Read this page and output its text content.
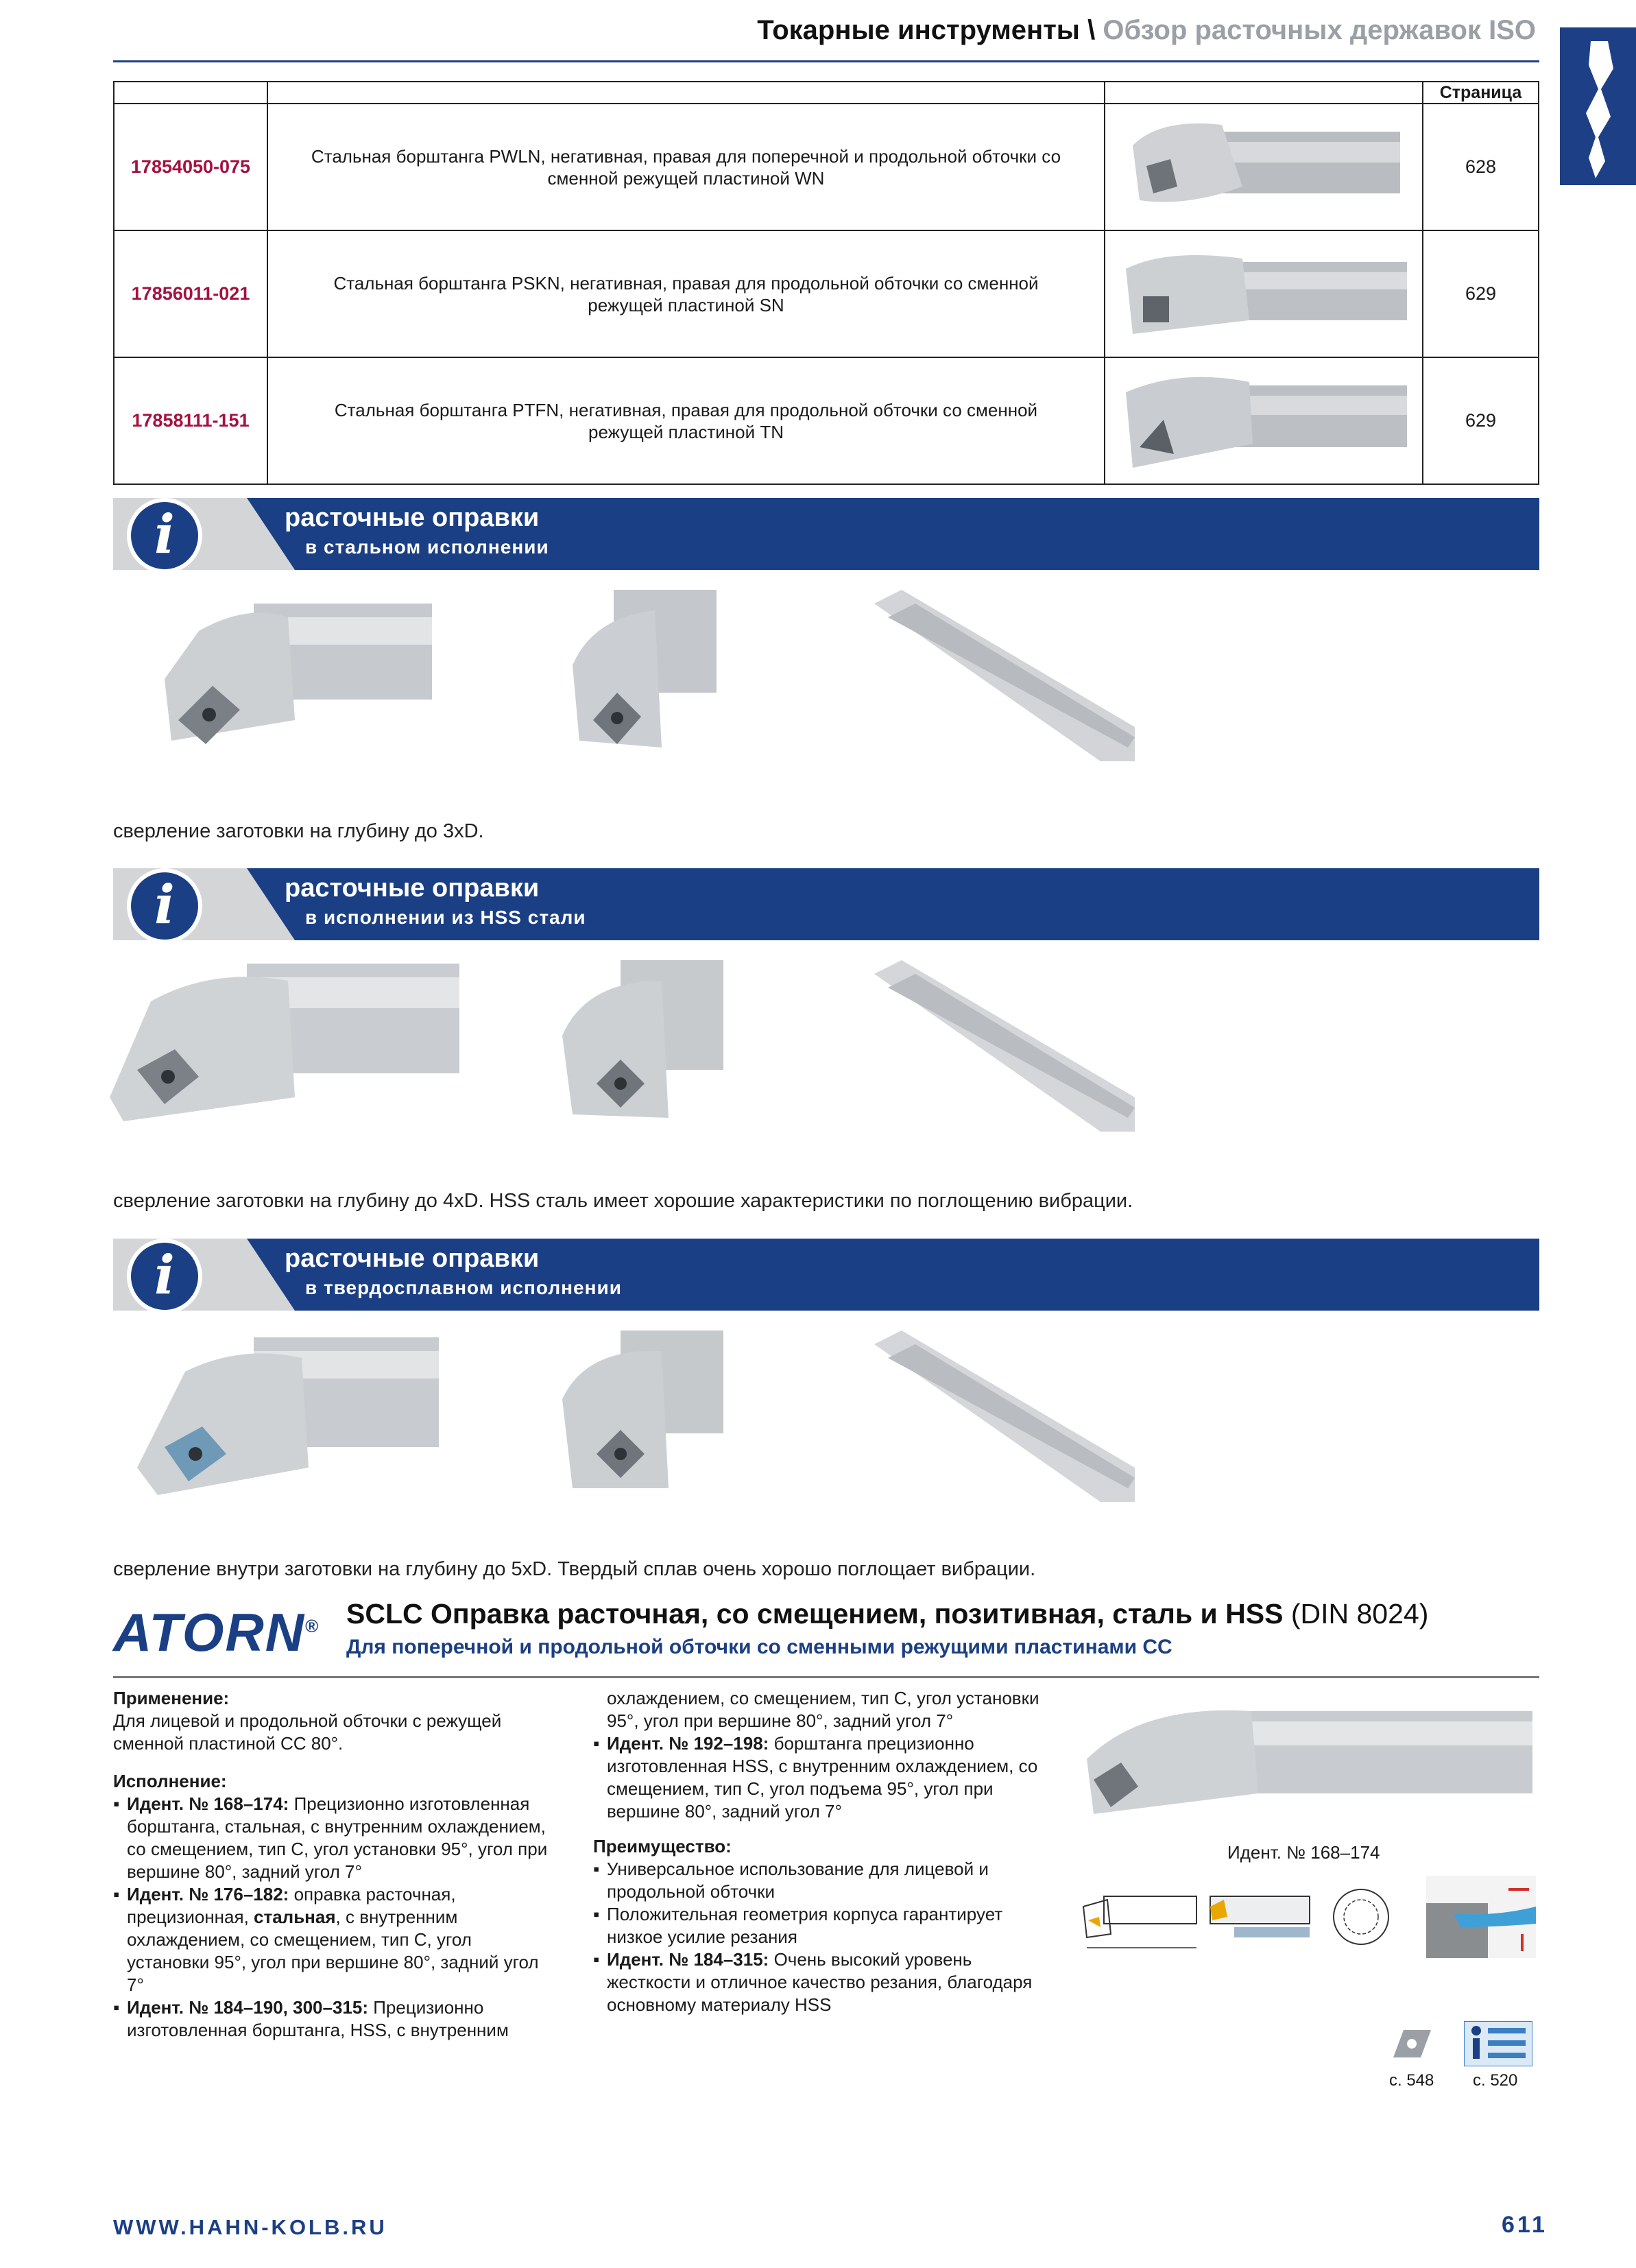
Токарные инструменты \ Обзор расточных державок ISO
			Страница
17854050-075	Стальная борштанга PWLN, негативная, правая для поперечной и продольной обточки со сменной режущей пластиной WN		628
17856011-021	Стальная борштанга PSKN, негативная, правая для продольной обточки со сменной режущей пластиной SN		629
17858111-151	Стальная борштанга PTFN, негативная, правая для продольной обточки со сменной режущей пластиной TN		629
i	расточные оправки
в стальном исполнении
сверление заготовки на глубину до 3xD.
i	расточные оправки
в исполнении из HSS стали
сверление заготовки на глубину до 4xD. HSS сталь имеет хорошие характеристики по поглощению вибрации.
i	расточные оправки
в твердосплавном исполнении
сверление внутри заготовки на глубину до 5xD. Твердый сплав очень хорошо поглощает вибрации.
ATORN® SCLC Оправка расточная, со смещением, позитивная, сталь и HSS (DIN 8024)
Для поперечной и продольной обточки со сменными режущими пластинами CC
Применение:
Для лицевой и продольной обточки с режущей сменной пластиной CC 80°.
Исполнение:
▪ Идент. № 168–174: Прецизионно изготовленная борштанга, стальная, с внутренним охлаждением, со смещением, тип C, угол установки 95°, угол при вершине 80°, задний угол 7°
▪ Идент. № 176–182: оправка расточная, прецизионная, стальная, с внутренним охлаждением, со смещением, тип C, угол установки 95°, угол при вершине 80°, задний угол 7°
▪ Идент. № 184–190, 300–315: Прецизионно изготовленная борштанга, HSS, с внутренним
охлаждением, со смещением, тип C, угол установки 95°, угол при вершине 80°, задний угол 7°
▪ Идент. № 192–198: борштанга прецизионно изготовленная HSS, с внутренним охлаждением, со смещением, тип C, угол подъема 95°, угол при вершине 80°, задний угол 7°
Преимущество:
▪ Универсальное использование для лицевой и продольной обточки
▪ Положительная геометрия корпуса гарантирует низкое усилие резания
▪ Идент. № 184–315: Очень высокий уровень жесткости и отличное качество резания, благодаря основному материалу HSS
Идент. № 168–174
с. 548 с. 520
WWW.HAHN-KOLB.RU	611
